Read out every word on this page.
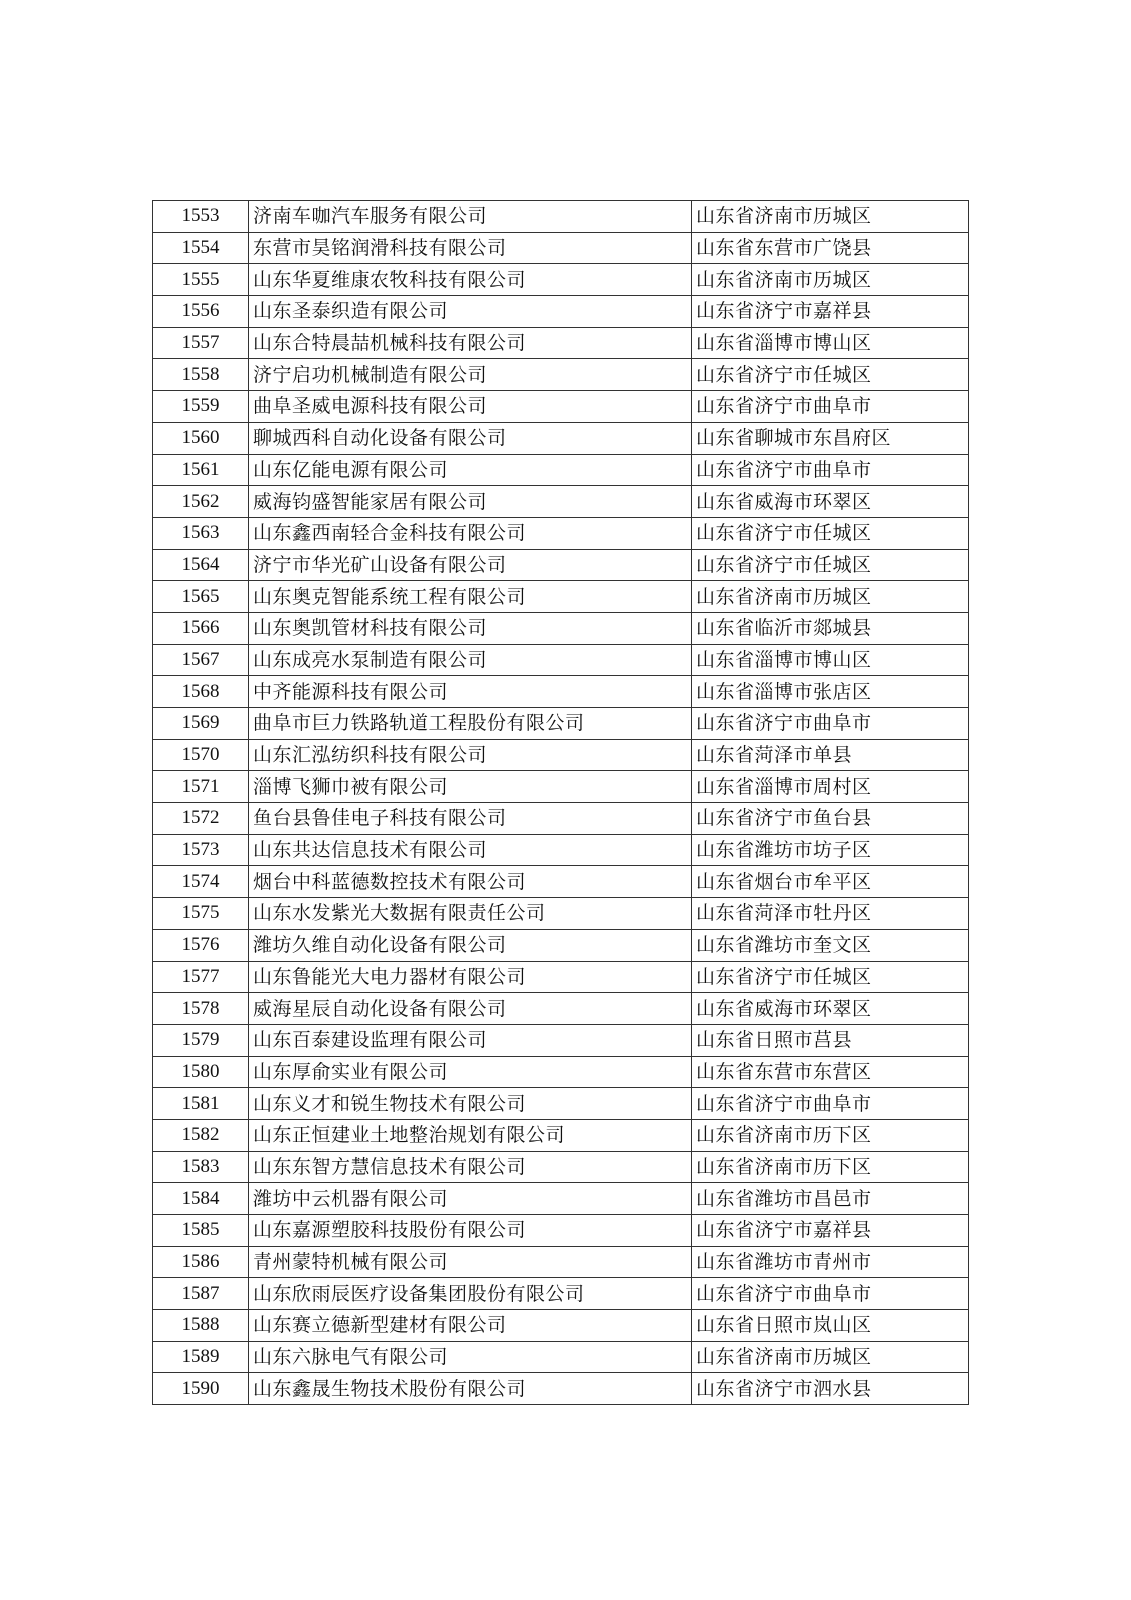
1553	济南车咖汽车服务有限公司	山东省济南市历城区
1554	东营市昊铭润滑科技有限公司	山东省东营市广饶县
1555	山东华夏维康农牧科技有限公司	山东省济南市历城区
1556	山东圣泰织造有限公司	山东省济宁市嘉祥县
1557	山东合特晨喆机械科技有限公司	山东省淄博市博山区
1558	济宁启功机械制造有限公司	山东省济宁市任城区
1559	曲阜圣威电源科技有限公司	山东省济宁市曲阜市
1560	聊城西科自动化设备有限公司	山东省聊城市东昌府区
1561	山东亿能电源有限公司	山东省济宁市曲阜市
1562	威海钧盛智能家居有限公司	山东省威海市环翠区
1563	山东鑫西南轻合金科技有限公司	山东省济宁市任城区
1564	济宁市华光矿山设备有限公司	山东省济宁市任城区
1565	山东奥克智能系统工程有限公司	山东省济南市历城区
1566	山东奥凯管材科技有限公司	山东省临沂市郯城县
1567	山东成亮水泵制造有限公司	山东省淄博市博山区
1568	中齐能源科技有限公司	山东省淄博市张店区
1569	曲阜市巨力铁路轨道工程股份有限公司	山东省济宁市曲阜市
1570	山东汇泓纺织科技有限公司	山东省菏泽市单县
1571	淄博飞狮巾被有限公司	山东省淄博市周村区
1572	鱼台县鲁佳电子科技有限公司	山东省济宁市鱼台县
1573	山东共达信息技术有限公司	山东省潍坊市坊子区
1574	烟台中科蓝德数控技术有限公司	山东省烟台市牟平区
1575	山东水发紫光大数据有限责任公司	山东省菏泽市牡丹区
1576	潍坊久维自动化设备有限公司	山东省潍坊市奎文区
1577	山东鲁能光大电力器材有限公司	山东省济宁市任城区
1578	威海星辰自动化设备有限公司	山东省威海市环翠区
1579	山东百泰建设监理有限公司	山东省日照市莒县
1580	山东厚俞实业有限公司	山东省东营市东营区
1581	山东义才和锐生物技术有限公司	山东省济宁市曲阜市
1582	山东正恒建业土地整治规划有限公司	山东省济南市历下区
1583	山东东智方慧信息技术有限公司	山东省济南市历下区
1584	潍坊中云机器有限公司	山东省潍坊市昌邑市
1585	山东嘉源塑胶科技股份有限公司	山东省济宁市嘉祥县
1586	青州蒙特机械有限公司	山东省潍坊市青州市
1587	山东欣雨辰医疗设备集团股份有限公司	山东省济宁市曲阜市
1588	山东赛立德新型建材有限公司	山东省日照市岚山区
1589	山东六脉电气有限公司	山东省济南市历城区
1590	山东鑫晟生物技术股份有限公司	山东省济宁市泗水县
